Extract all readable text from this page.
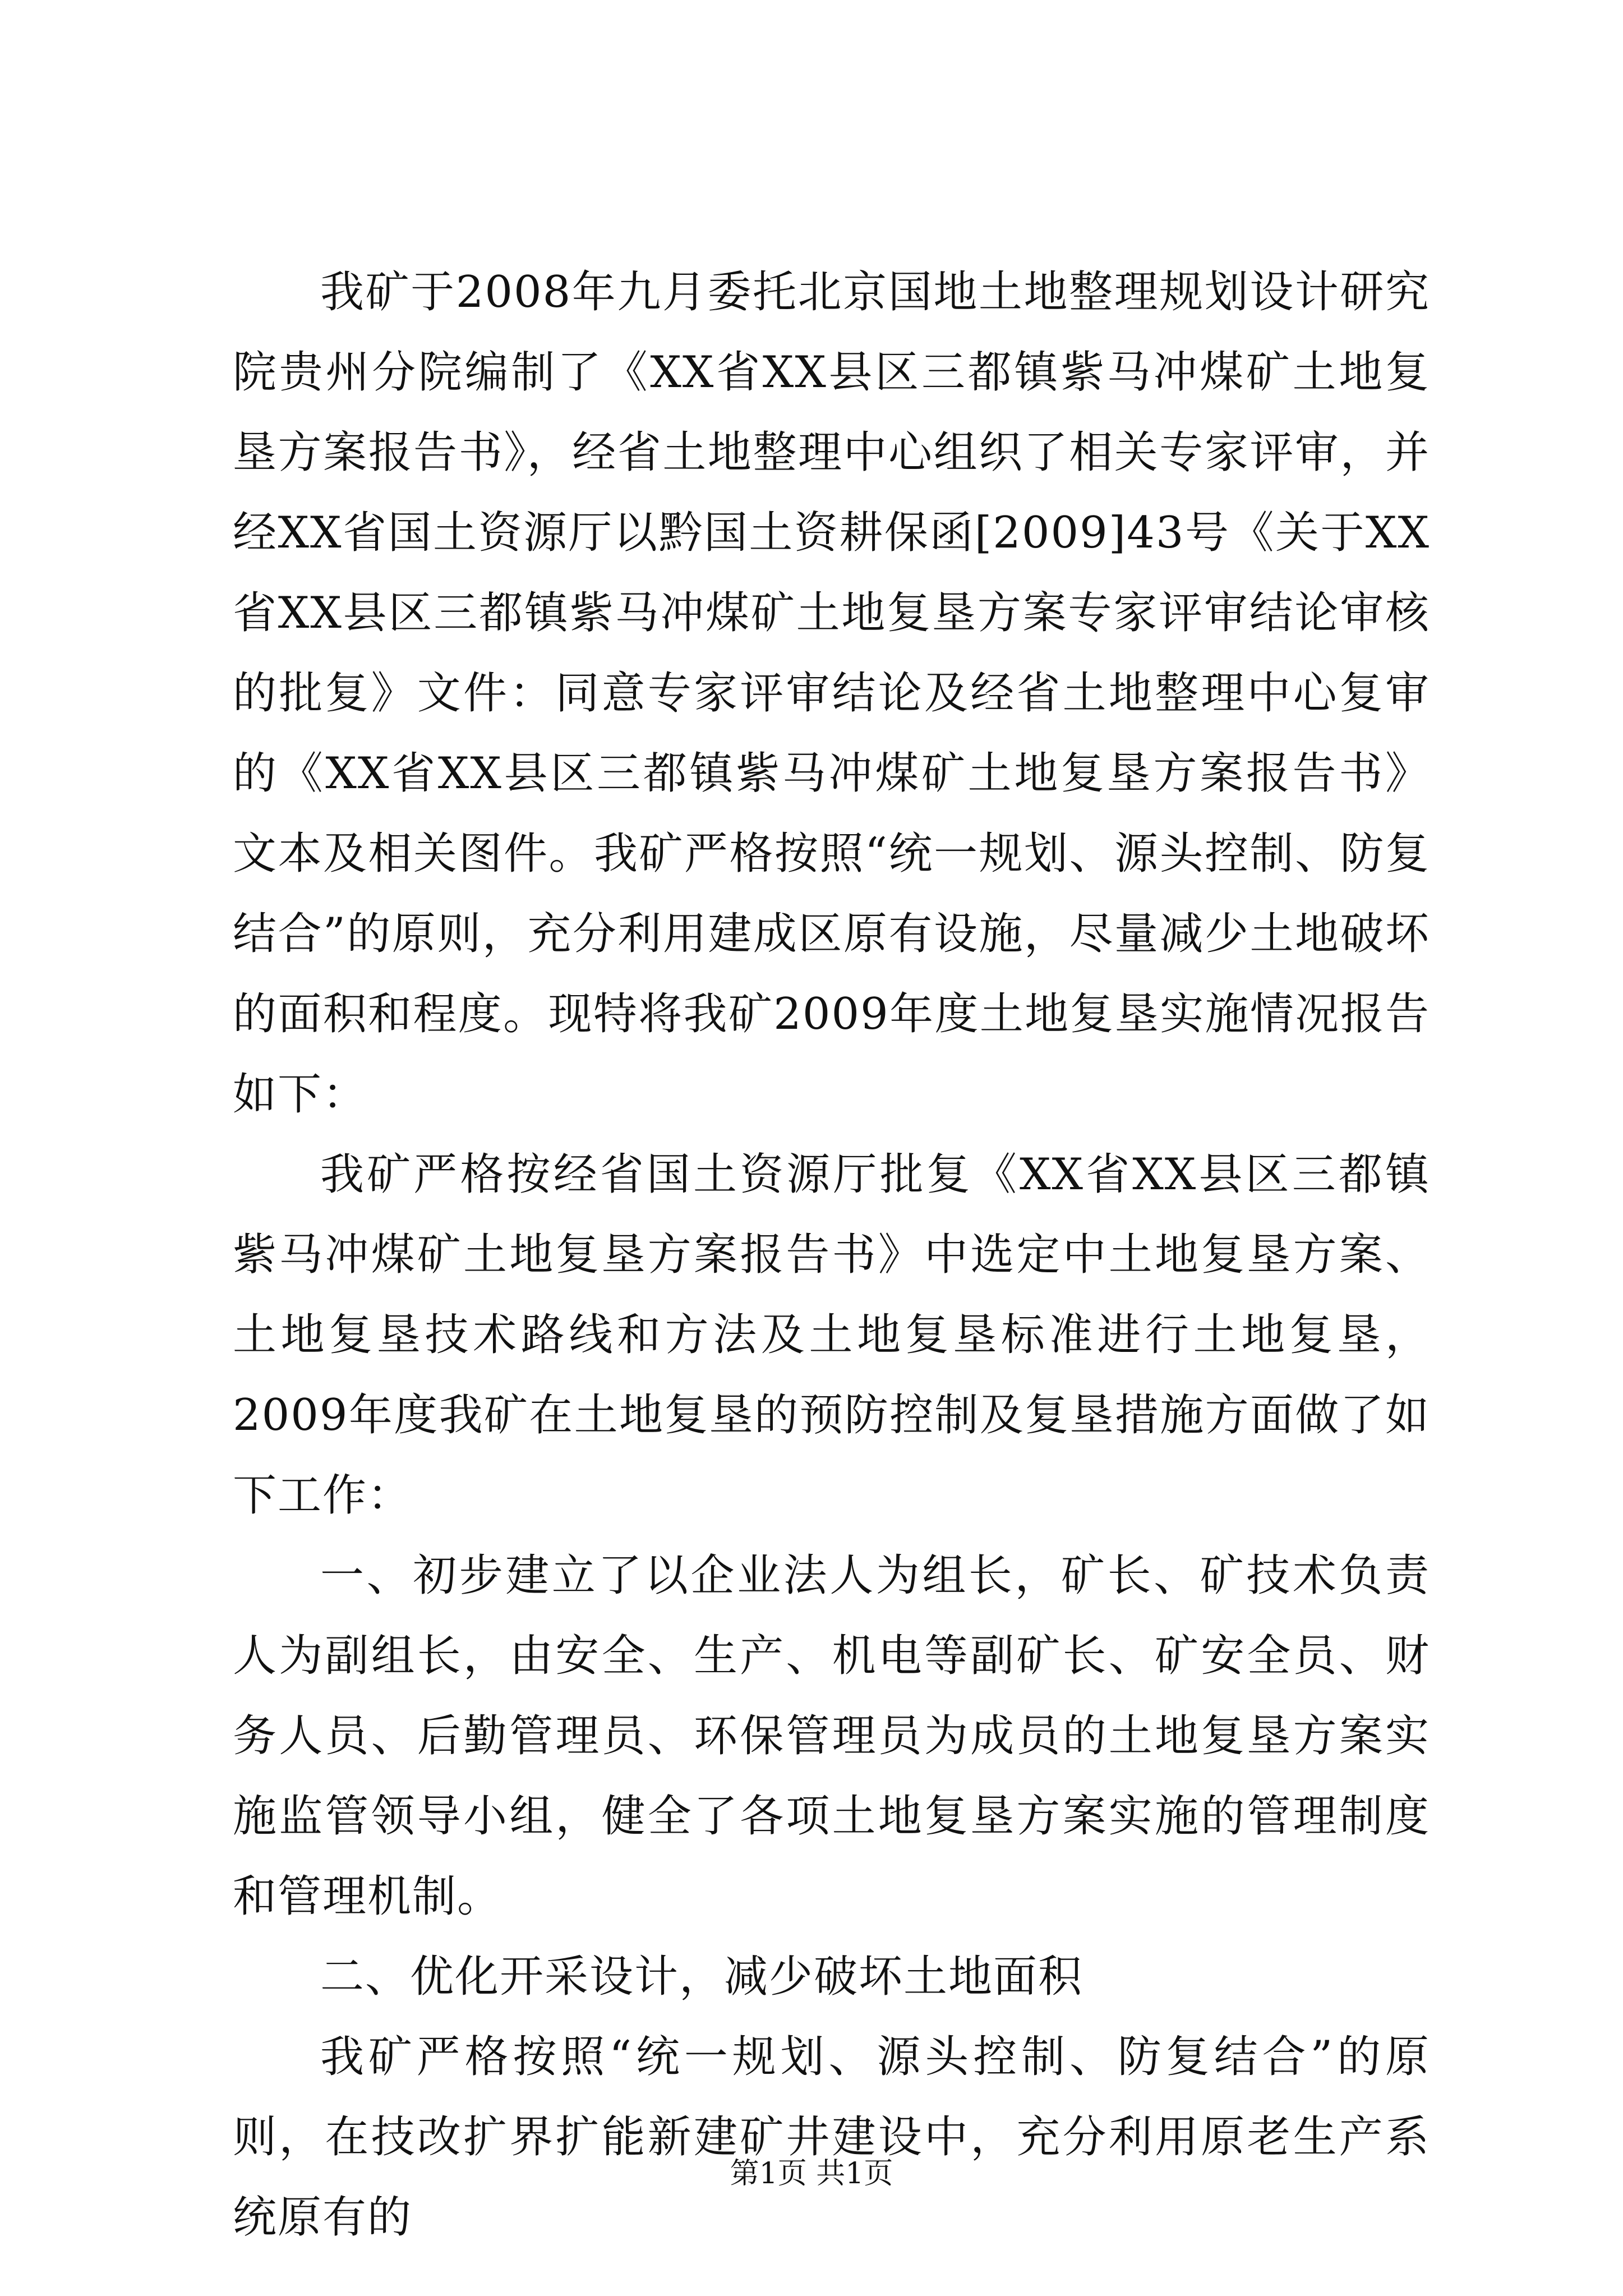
我矿于2008年九月委托北京国地土地整理规划设计研究院贵州分院编制了《XX省XX县区三都镇紫马冲煤矿土地复垦方案报告书》，经省土地整理中心组织了相关专家评审，并经XX省国土资源厅以黔国土资耕保函[2009]43号《关于XX省XX县区三都镇紫马冲煤矿土地复垦方案专家评审结论审核的批复》文件：同意专家评审结论及经省土地整理中心复审的《XX省XX县区三都镇紫马冲煤矿土地复垦方案报告书》文本及相关图件。我矿严格按照“统一规划、源头控制、防复结合”的原则，充分利用建成区原有设施，尽量减少土地破坏的面积和程度。现特将我矿2009年度土地复垦实施情况报告如下：

我矿严格按经省国土资源厅批复《XX省XX县区三都镇紫马冲煤矿土地复垦方案报告书》中选定中土地复垦方案、土地复垦技术路线和方法及土地复垦标准进行土地复垦，2009年度我矿在土地复垦的预防控制及复垦措施方面做了如下工作：

一、初步建立了以企业法人为组长，矿长、矿技术负责人为副组长，由安全、生产、机电等副矿长、矿安全员、财务人员、后勤管理员、环保管理员为成员的土地复垦方案实施监管领导小组，健全了各项土地复垦方案实施的管理制度和管理机制。

二、优化开采设计，减少破坏土地面积

我矿严格按照“统一规划、源头控制、防复结合”的原则，在技改扩界扩能新建矿井建设中，充分利用原老生产系统原有的

第1页 共1页
